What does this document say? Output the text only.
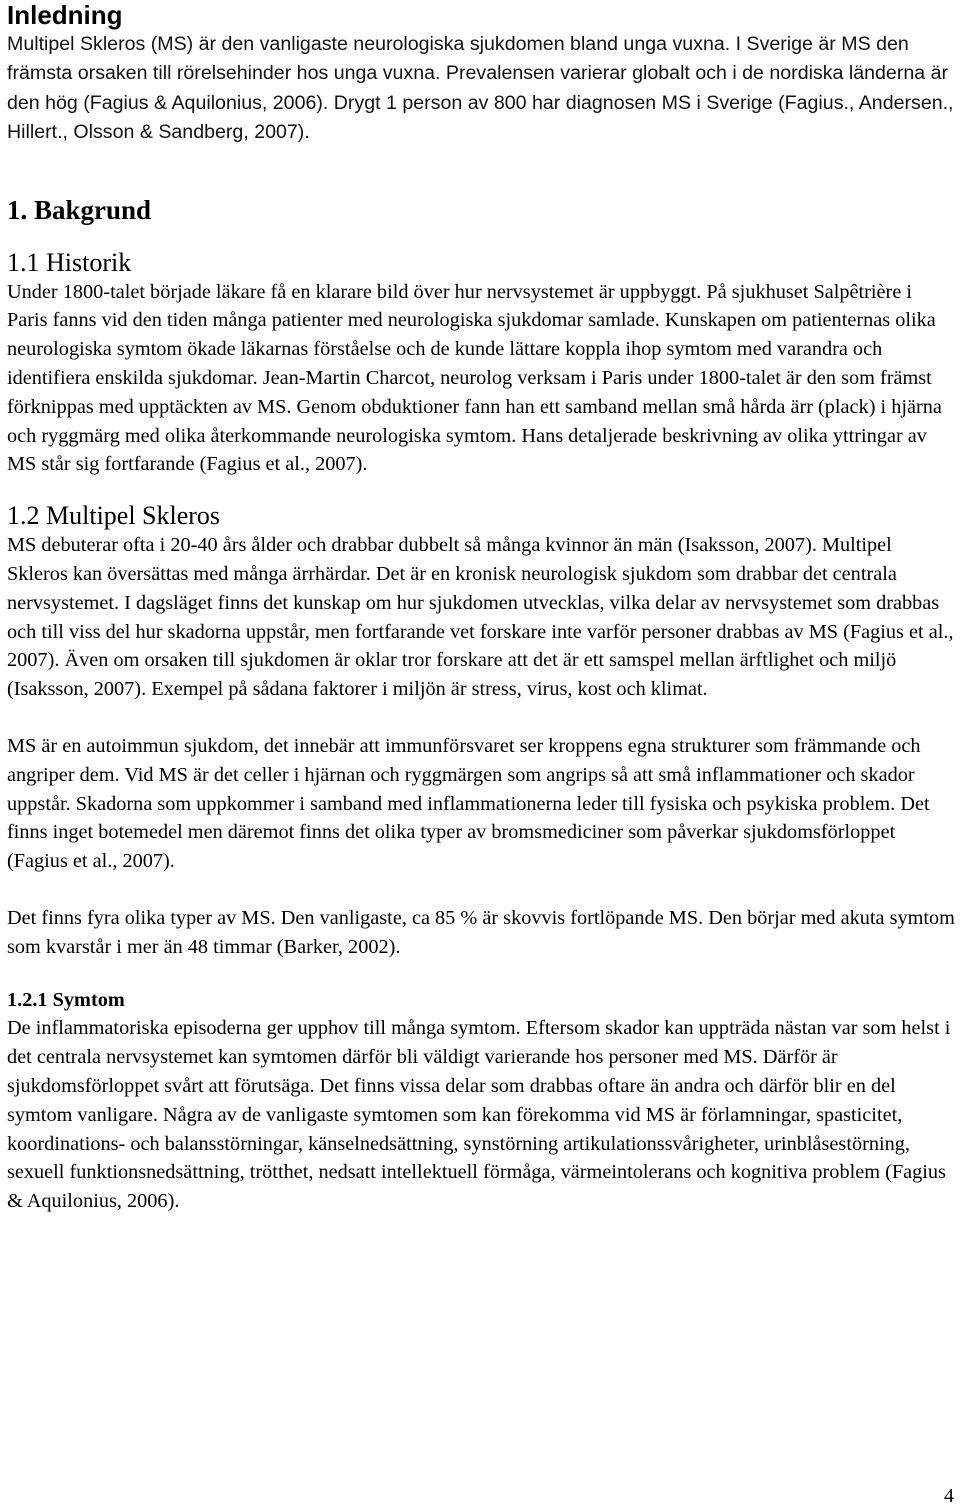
Inledning

Multipel Skleros (MS) är den vanligaste neurologiska sjukdomen bland unga vuxna. I Sverige är MS den främsta orsaken till rörelsehinder hos unga vuxna. Prevalensen varierar globalt och i de nordiska länderna är den hög (Fagius & Aquilonius, 2006). Drygt 1 person av 800 har diagnosen MS i Sverige (Fagius., Andersen., Hillert., Olsson & Sandberg, 2007).

1. Bakgrund
1.1 Historik

Under 1800-talet började läkare få en klarare bild över hur nervsystemet är uppbyggt. På sjukhuset Salpêtrière i Paris fanns vid den tiden många patienter med neurologiska sjukdomar samlade. Kunskapen om patienternas olika neurologiska symtom ökade läkarnas förståelse och de kunde lättare koppla ihop symtom med varandra och identifiera enskilda sjukdomar. Jean-Martin Charcot, neurolog verksam i Paris under 1800-talet är den som främst förknippas med upptäckten av MS. Genom obduktioner fann han ett samband mellan små hårda ärr (plack) i hjärna och ryggmärg med olika återkommande neurologiska symtom. Hans detaljerade beskrivning av olika yttringar av MS står sig fortfarande (Fagius et al., 2007).

1.2 Multipel Skleros

MS debuterar ofta i 20-40 års ålder och drabbar dubbelt så många kvinnor än män (Isaksson, 2007). Multipel Skleros kan översättas med många ärrhärdar. Det är en kronisk neurologisk sjukdom som drabbar det centrala nervsystemet. I dagsläget finns det kunskap om hur sjukdomen utvecklas, vilka delar av nervsystemet som drabbas och till viss del hur skadorna uppstår, men fortfarande vet forskare inte varför personer drabbas av MS (Fagius et al., 2007). Även om orsaken till sjukdomen är oklar tror forskare att det är ett samspel mellan ärftlighet och miljö (Isaksson, 2007). Exempel på sådana faktorer i miljön är stress, virus, kost och klimat.

MS är en autoimmun sjukdom, det innebär att immunförsvaret ser kroppens egna strukturer som främmande och angriper dem. Vid MS är det celler i hjärnan och ryggmärgen som angrips så att små inflammationer och skador uppstår. Skadorna som uppkommer i samband med inflammationerna leder till fysiska och psykiska problem. Det finns inget botemedel men däremot finns det olika typer av bromsmediciner som påverkar sjukdomsförloppet (Fagius et al., 2007).

Det finns fyra olika typer av MS. Den vanligaste, ca 85 % är skovvis fortlöpande MS. Den börjar med akuta symtom som kvarstår i mer än 48 timmar (Barker, 2002).

1.2.1 Symtom

De inflammatoriska episoderna ger upphov till många symtom. Eftersom skador kan uppträda nästan var som helst i det centrala nervsystemet kan symtomen därför bli väldigt varierande hos personer med MS. Därför är sjukdomsförloppet svårt att förutsäga. Det finns vissa delar som drabbas oftare än andra och därför blir en del symtom vanligare. Några av de vanligaste symtomen som kan förekomma vid MS är förlamningar, spasticitet, koordinations- och balansstörningar, känselnedsättning, synstörning artikulationssvårigheter, urinblåsestörning, sexuell funktionsnedsättning, trötthet, nedsatt intellektuell förmåga, värmeintolerans och kognitiva problem (Fagius & Aquilonius, 2006).

4
